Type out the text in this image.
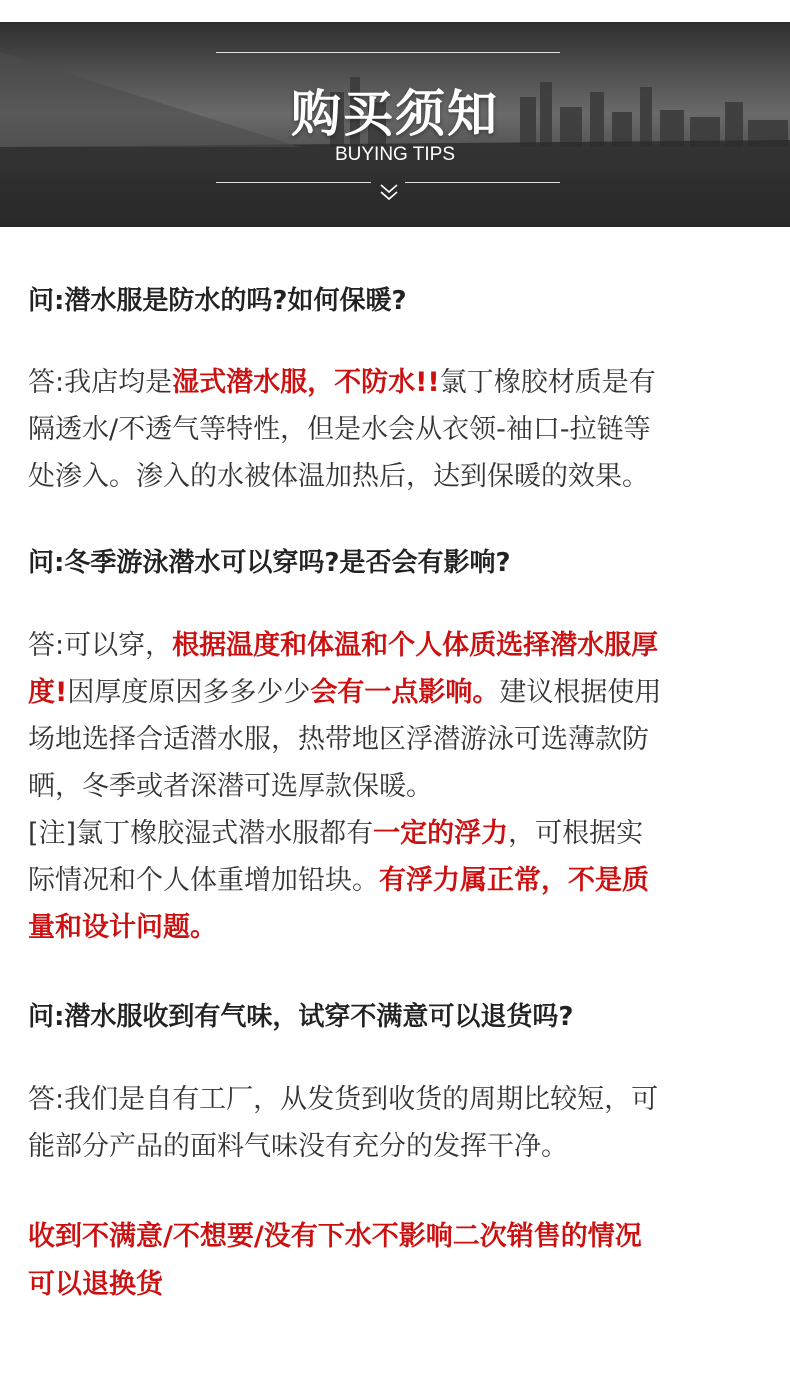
购买须知
BUYING TIPS
问:潜水服是防水的吗?如何保暖?
答:我店均是湿式潜水服，不防水!!氯丁橡胶材质是有
隔透水/不透气等特性，但是水会从衣领-袖口-拉链等
处渗入。渗入的水被体温加热后，达到保暖的效果。
问:冬季游泳潜水可以穿吗?是否会有影响?
答:可以穿，根据温度和体温和个人体质选择潜水服厚
度!因厚度原因多多少少会有一点影响。建议根据使用
场地选择合适潜水服，热带地区浮潜游泳可选薄款防
晒，冬季或者深潜可选厚款保暖。
[注]氯丁橡胶湿式潜水服都有一定的浮力，可根据实
际情况和个人体重增加铅块。有浮力属正常，不是质
量和设计问题。
问:潜水服收到有气味，试穿不满意可以退货吗?
答:我们是自有工厂，从发货到收货的周期比较短，可
能部分产品的面料气味没有充分的发挥干净。
收到不满意/不想要/没有下水不影响二次销售的情况
可以退换货
